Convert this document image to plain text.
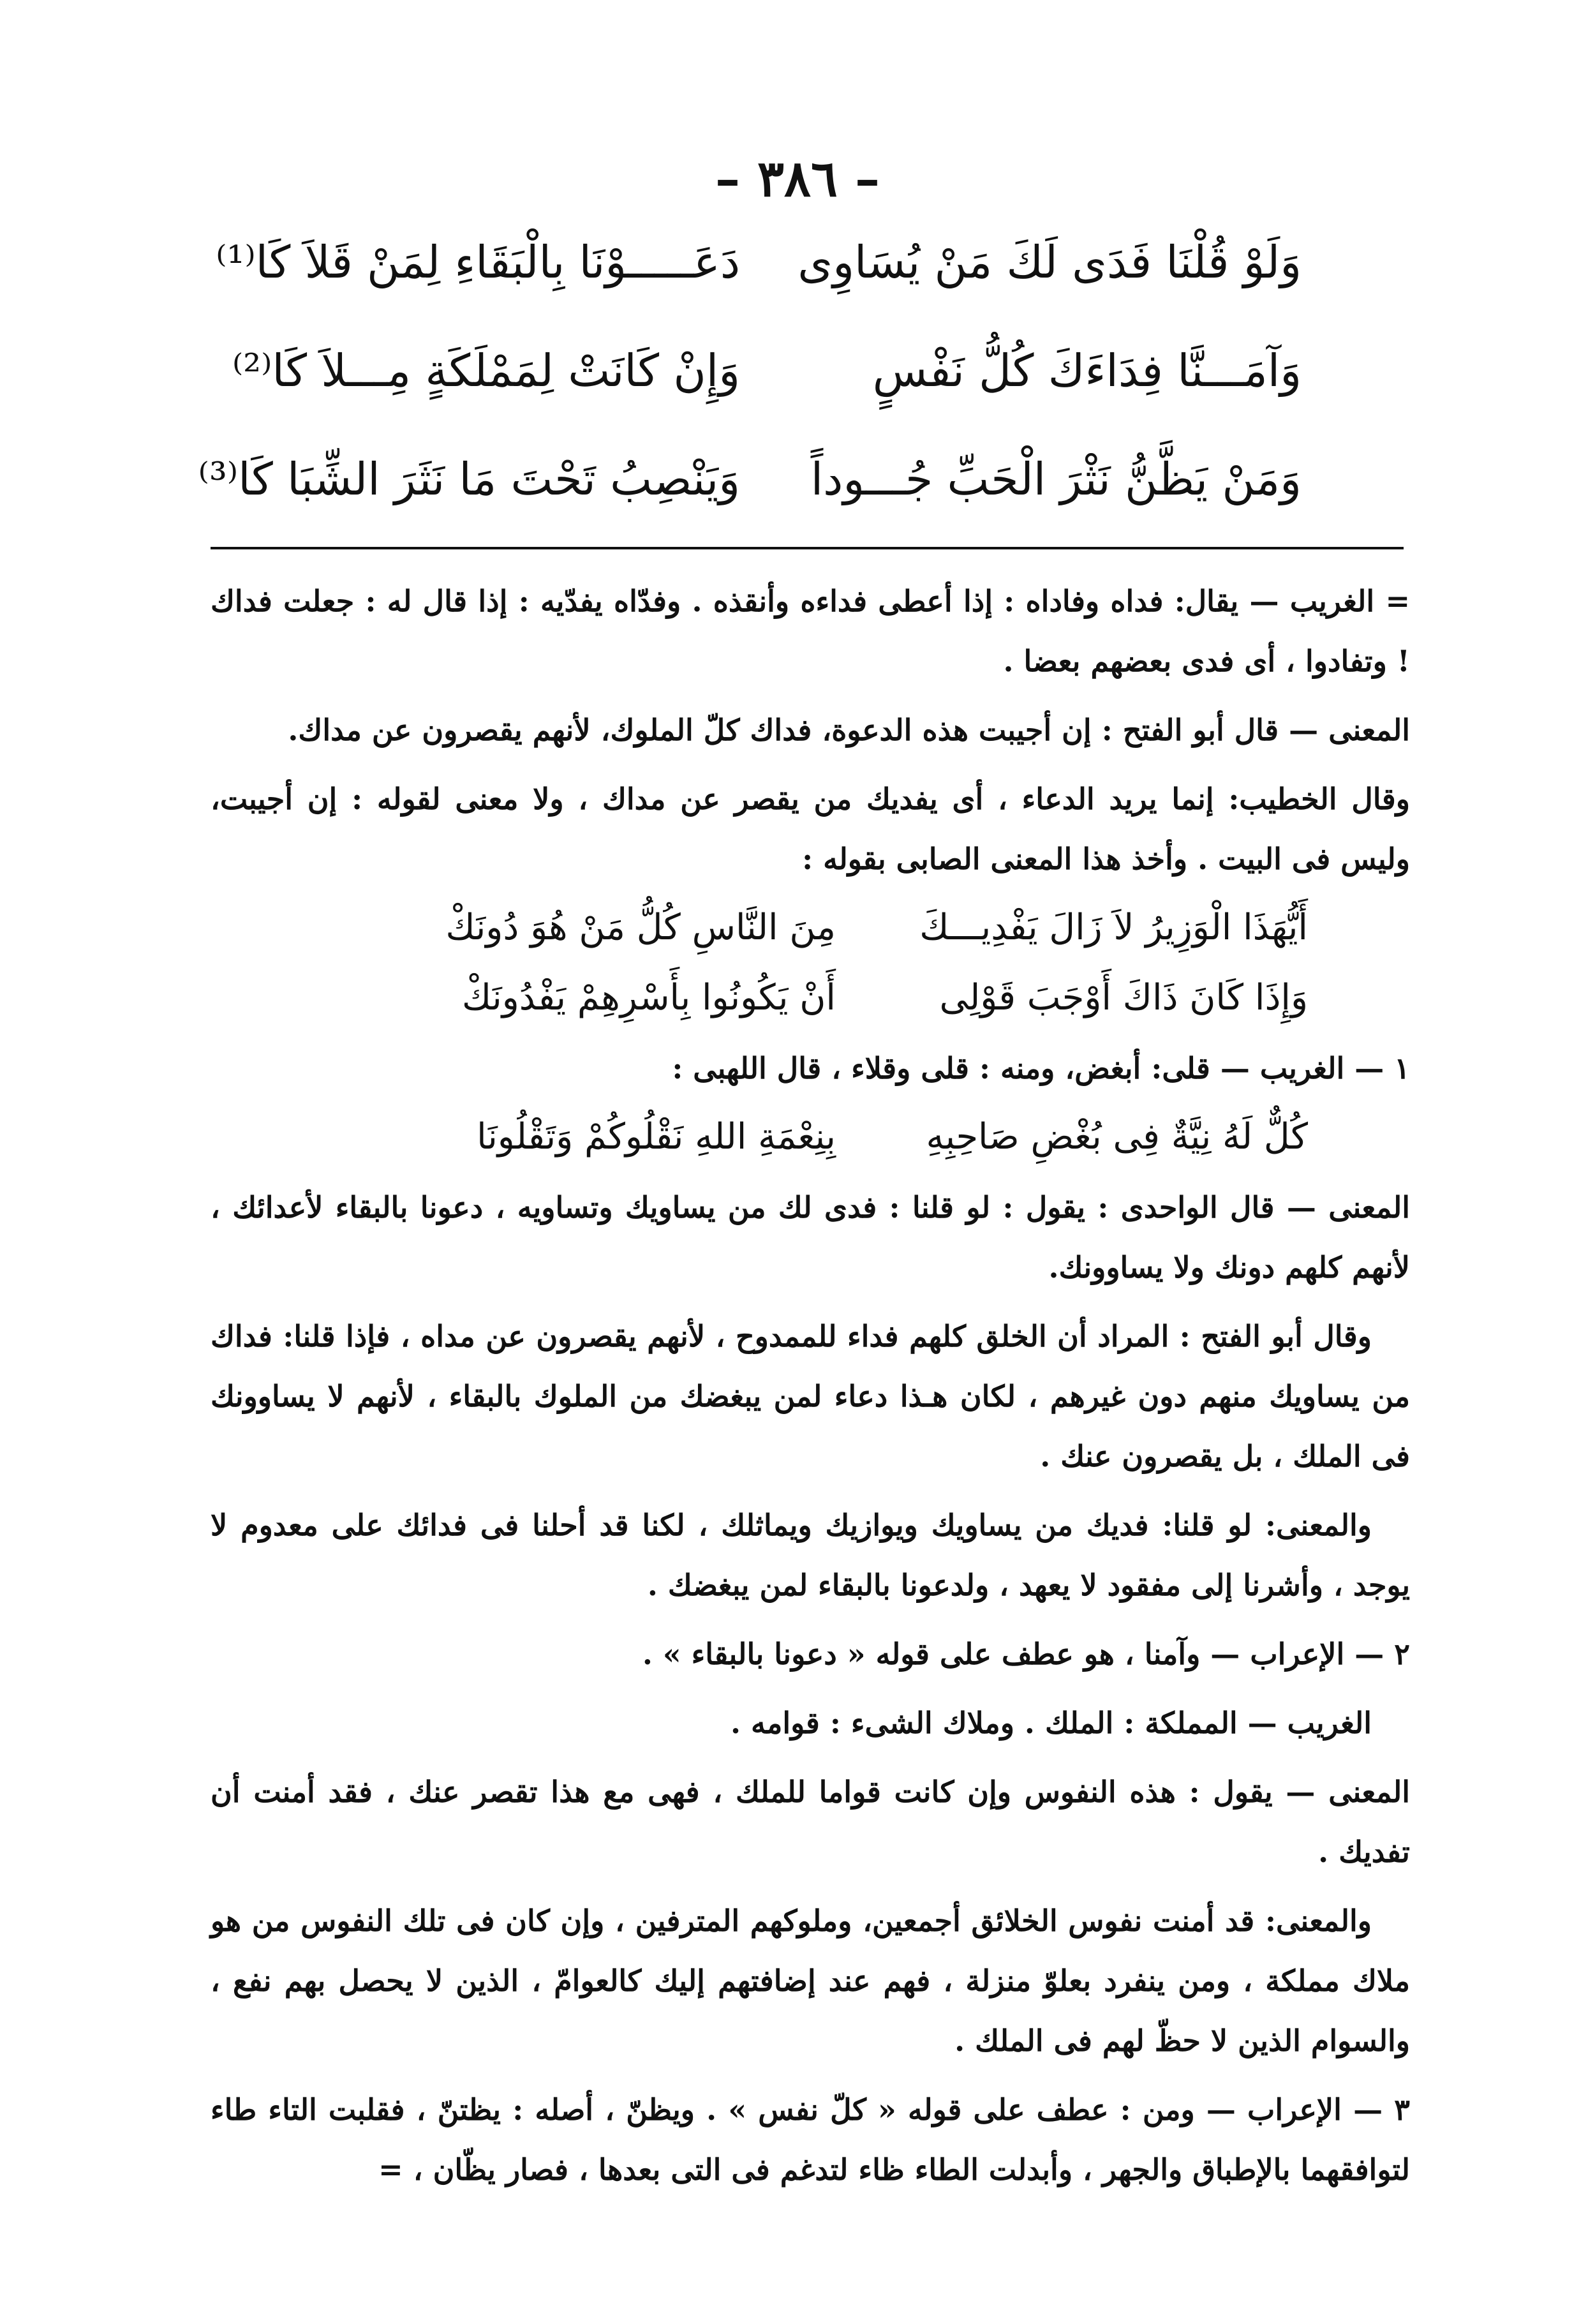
– ٣٨٦ –
وَلَوْ قُلْنَا فَدَى لَكَ مَنْ يُسَاوِى
دَعَـــــوْنَا بِالْبَقَاءِ لِمَنْ قَلاَ كَا⁽¹⁾
وَآمَـــنَّا فِدَاءَكَ كُلُّ نَفْسٍ
وَإِنْ كَانَتْ لِمَمْلَكَةٍ مِـــلاَ كَا⁽²⁾
وَمَنْ يَظَّنُّ نَثْرَ الْحَبِّ جُـــوداً
وَيَنْصِبُ تَحْتَ مَا نَثَرَ الشِّبَا كَا⁽³⁾

= الغريب — يقال: فداه وفاداه : إذا أعطى فداءه وأنقذه . وفدّاه يفدّيه : إذا قال له : جعلت فداك ! وتفادوا ، أى فدى بعضهم بعضا .

المعنى — قال أبو الفتح : إن أجيبت هذه الدعوة، فداك كلّ الملوك، لأنهم يقصرون عن مداك.

وقال الخطيب: إنما يريد الدعاء ، أى يفديك من يقصر عن مداك ، ولا معنى لقوله : إن أجيبت، وليس فى البيت . وأخذ هذا المعنى الصابى بقوله :

أَيُّهَذَا الْوَزِيرُ لاَ زَالَ يَفْدِيـــكَ
مِنَ النَّاسِ كُلُّ مَنْ هُوَ دُونَكْ
وَإِذَا كَانَ ذَاكَ أَوْجَبَ قَوْلِى
أَنْ يَكُونُوا بِأَسْرِهِمْ يَفْدُونَكْ

١ — الغريب — قلى: أبغض، ومنه : قلى وقلاء ، قال اللهبى :

كُلٌّ لَهُ نِيَّةٌ فِى بُغْضِ صَاحِبِهِ
بِنِعْمَةِ اللهِ نَقْلُوكُمْ وَتَقْلُونَا

المعنى — قال الواحدى : يقول : لو قلنا : فدى لك من يساويك وتساويه ، دعونا بالبقاء لأعدائك ، لأنهم كلهم دونك ولا يساوونك.

وقال أبو الفتح : المراد أن الخلق كلهم فداء للممدوح ، لأنهم يقصرون عن مداه ، فإذا قلنا: فداك من يساويك منهم دون غيرهم ، لكان هـذا دعاء لمن يبغضك من الملوك بالبقاء ، لأنهم لا يساوونك فى الملك ، بل يقصرون عنك .

والمعنى: لو قلنا: فديك من يساويك ويوازيك ويماثلك ، لكنا قد أحلنا فى فدائك على معدوم لا يوجد ، وأشرنا إلى مفقود لا يعهد ، ولدعونا بالبقاء لمن يبغضك .

٢ — الإعراب — وآمنا ، هو عطف على قوله « دعونا بالبقاء » .

الغريب — المملكة : الملك . وملاك الشىء : قوامه .

المعنى — يقول : هذه النفوس وإن كانت قواما للملك ، فهى مع هذا تقصر عنك ، فقد أمنت أن تفديك .

والمعنى: قد أمنت نفوس الخلائق أجمعين، وملوكهم المترفين ، وإن كان فى تلك النفوس من هو ملاك مملكة ، ومن ينفرد بعلوّ منزلة ، فهم عند إضافتهم إليك كالعوامّ ، الذين لا يحصل بهم نفع ، والسوام الذين لا حظّ لهم فى الملك .

٣ — الإعراب — ومن : عطف على قوله « كلّ نفس » . ويظنّ ، أصله : يظتنّ ، فقلبت التاء طاء لتوافقهما بالإطباق والجهر ، وأبدلت الطاء ظاء لتدغم فى التى بعدها ، فصار يظّان ، =
